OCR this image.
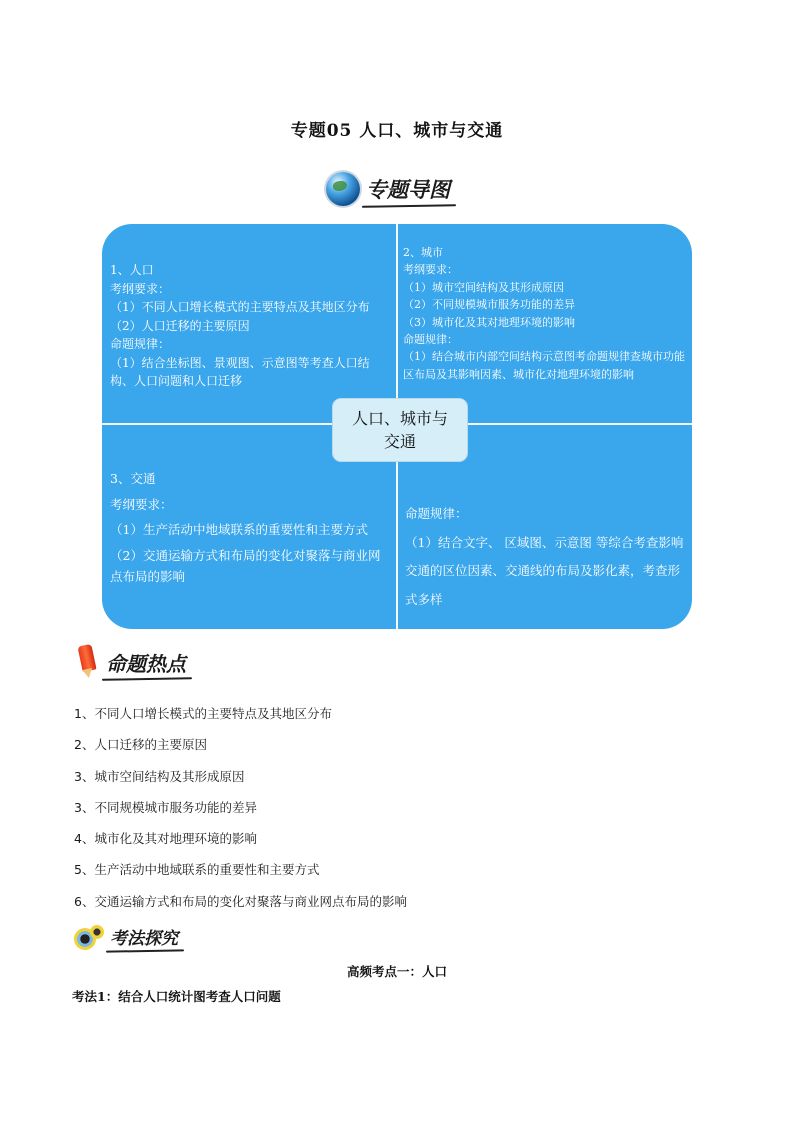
专题05 人口、城市与交通
专题导图
1、人口
考纲要求：
（1）不同人口增长模式的主要特点及其地区分布
（2）人口迁移的主要原因
命题规律：
（1）结合坐标图、景观图、示意图等考查人口结构、人口问题和人口迁移
2、城市
考纲要求：
（1）城市空间结构及其形成原因
（2）不同规模城市服务功能的差异
（3）城市化及其对地理环境的影响
命题规律：
（1）结合城市内部空间结构示意图考命题规律查城市功能区布局及其影响因素、城市化对地理环境的影响
3、交通
考纲要求：
（1）生产活动中地域联系的重要性和主要方式
（2）交通运输方式和布局的变化对聚落与商业网点布局的影响
命题规律：
（1）结合文字、 区域图、示意图 等综合考查影响交通的区位因素、交通线的布局及影化素，考查形式多样
人口、城市与
交通
命题热点
1、不同人口增长模式的主要特点及其地区分布
2、人口迁移的主要原因
3、城市空间结构及其形成原因
3、不同规模城市服务功能的差异
4、城市化及其对地理环境的影响
5、生产活动中地域联系的重要性和主要方式
6、交通运输方式和布局的变化对聚落与商业网点布局的影响
考法探究
高频考点一：人口
考法1：结合人口统计图考查人口问题
